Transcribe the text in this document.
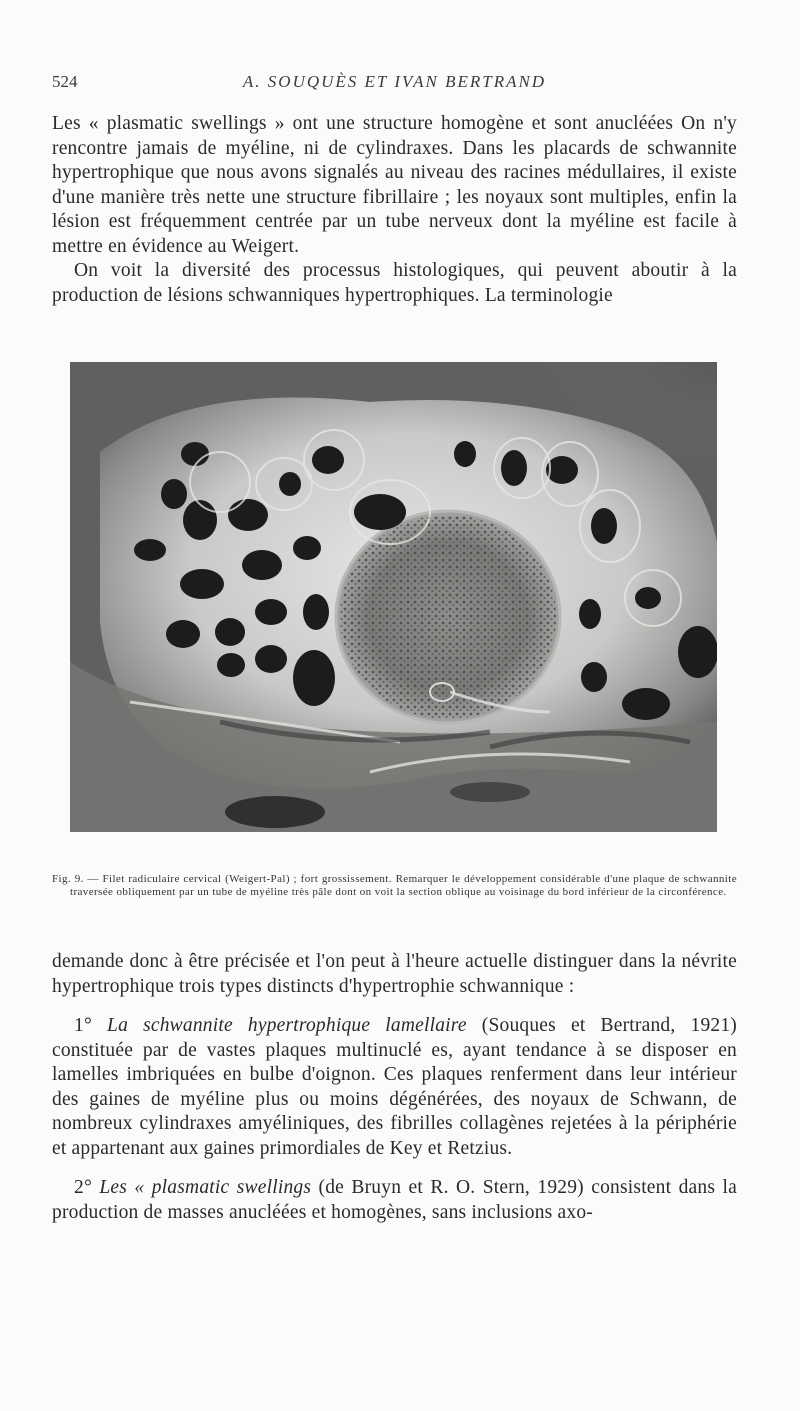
524	A. SOUQUÈS ET IVAN BERTRAND

Les « plasmatic swellings » ont une structure homogène et sont anucléées On n'y rencontre jamais de myéline, ni de cylindraxes. Dans les placards de schwannite hypertrophique que nous avons signalés au niveau des racines médullaires, il existe d'une manière très nette une structure fibrillaire ; les noyaux sont multiples, enfin la lésion est fréquemment centrée par un tube nerveux dont la myéline est facile à mettre en évidence au Weigert.

On voit la diversité des processus histologiques, qui peuvent aboutir à la production de lésions schwanniques hypertrophiques. La terminologie

Fig. 9. — Filet radiculaire cervical (Weigert-Pal) ; fort grossissement. Remarquer le développement considérable d'une plaque de schwannite traversée obliquement par un tube de myéline très pâle dont on voit la section oblique au voisinage du bord inférieur de la circonférence.

demande donc à être précisée et l'on peut à l'heure actuelle distinguer dans la névrite hypertrophique trois types distincts d'hypertrophie schwannique :

1° La schwannite hypertrophique lamellaire (Souques et Bertrand, 1921) constituée par de vastes plaques multinuclé es, ayant tendance à se disposer en lamelles imbriquées en bulbe d'oignon. Ces plaques renferment dans leur intérieur des gaines de myéline plus ou moins dégénérées, des noyaux de Schwann, de nombreux cylindraxes amyéliniques, des fibrilles collagènes rejetées à la périphérie et appartenant aux gaines primordiales de Key et Retzius.

2° Les « plasmatic swellings (de Bruyn et R. O. Stern, 1929) consistent dans la production de masses anucléées et homogènes, sans inclusions axo-
